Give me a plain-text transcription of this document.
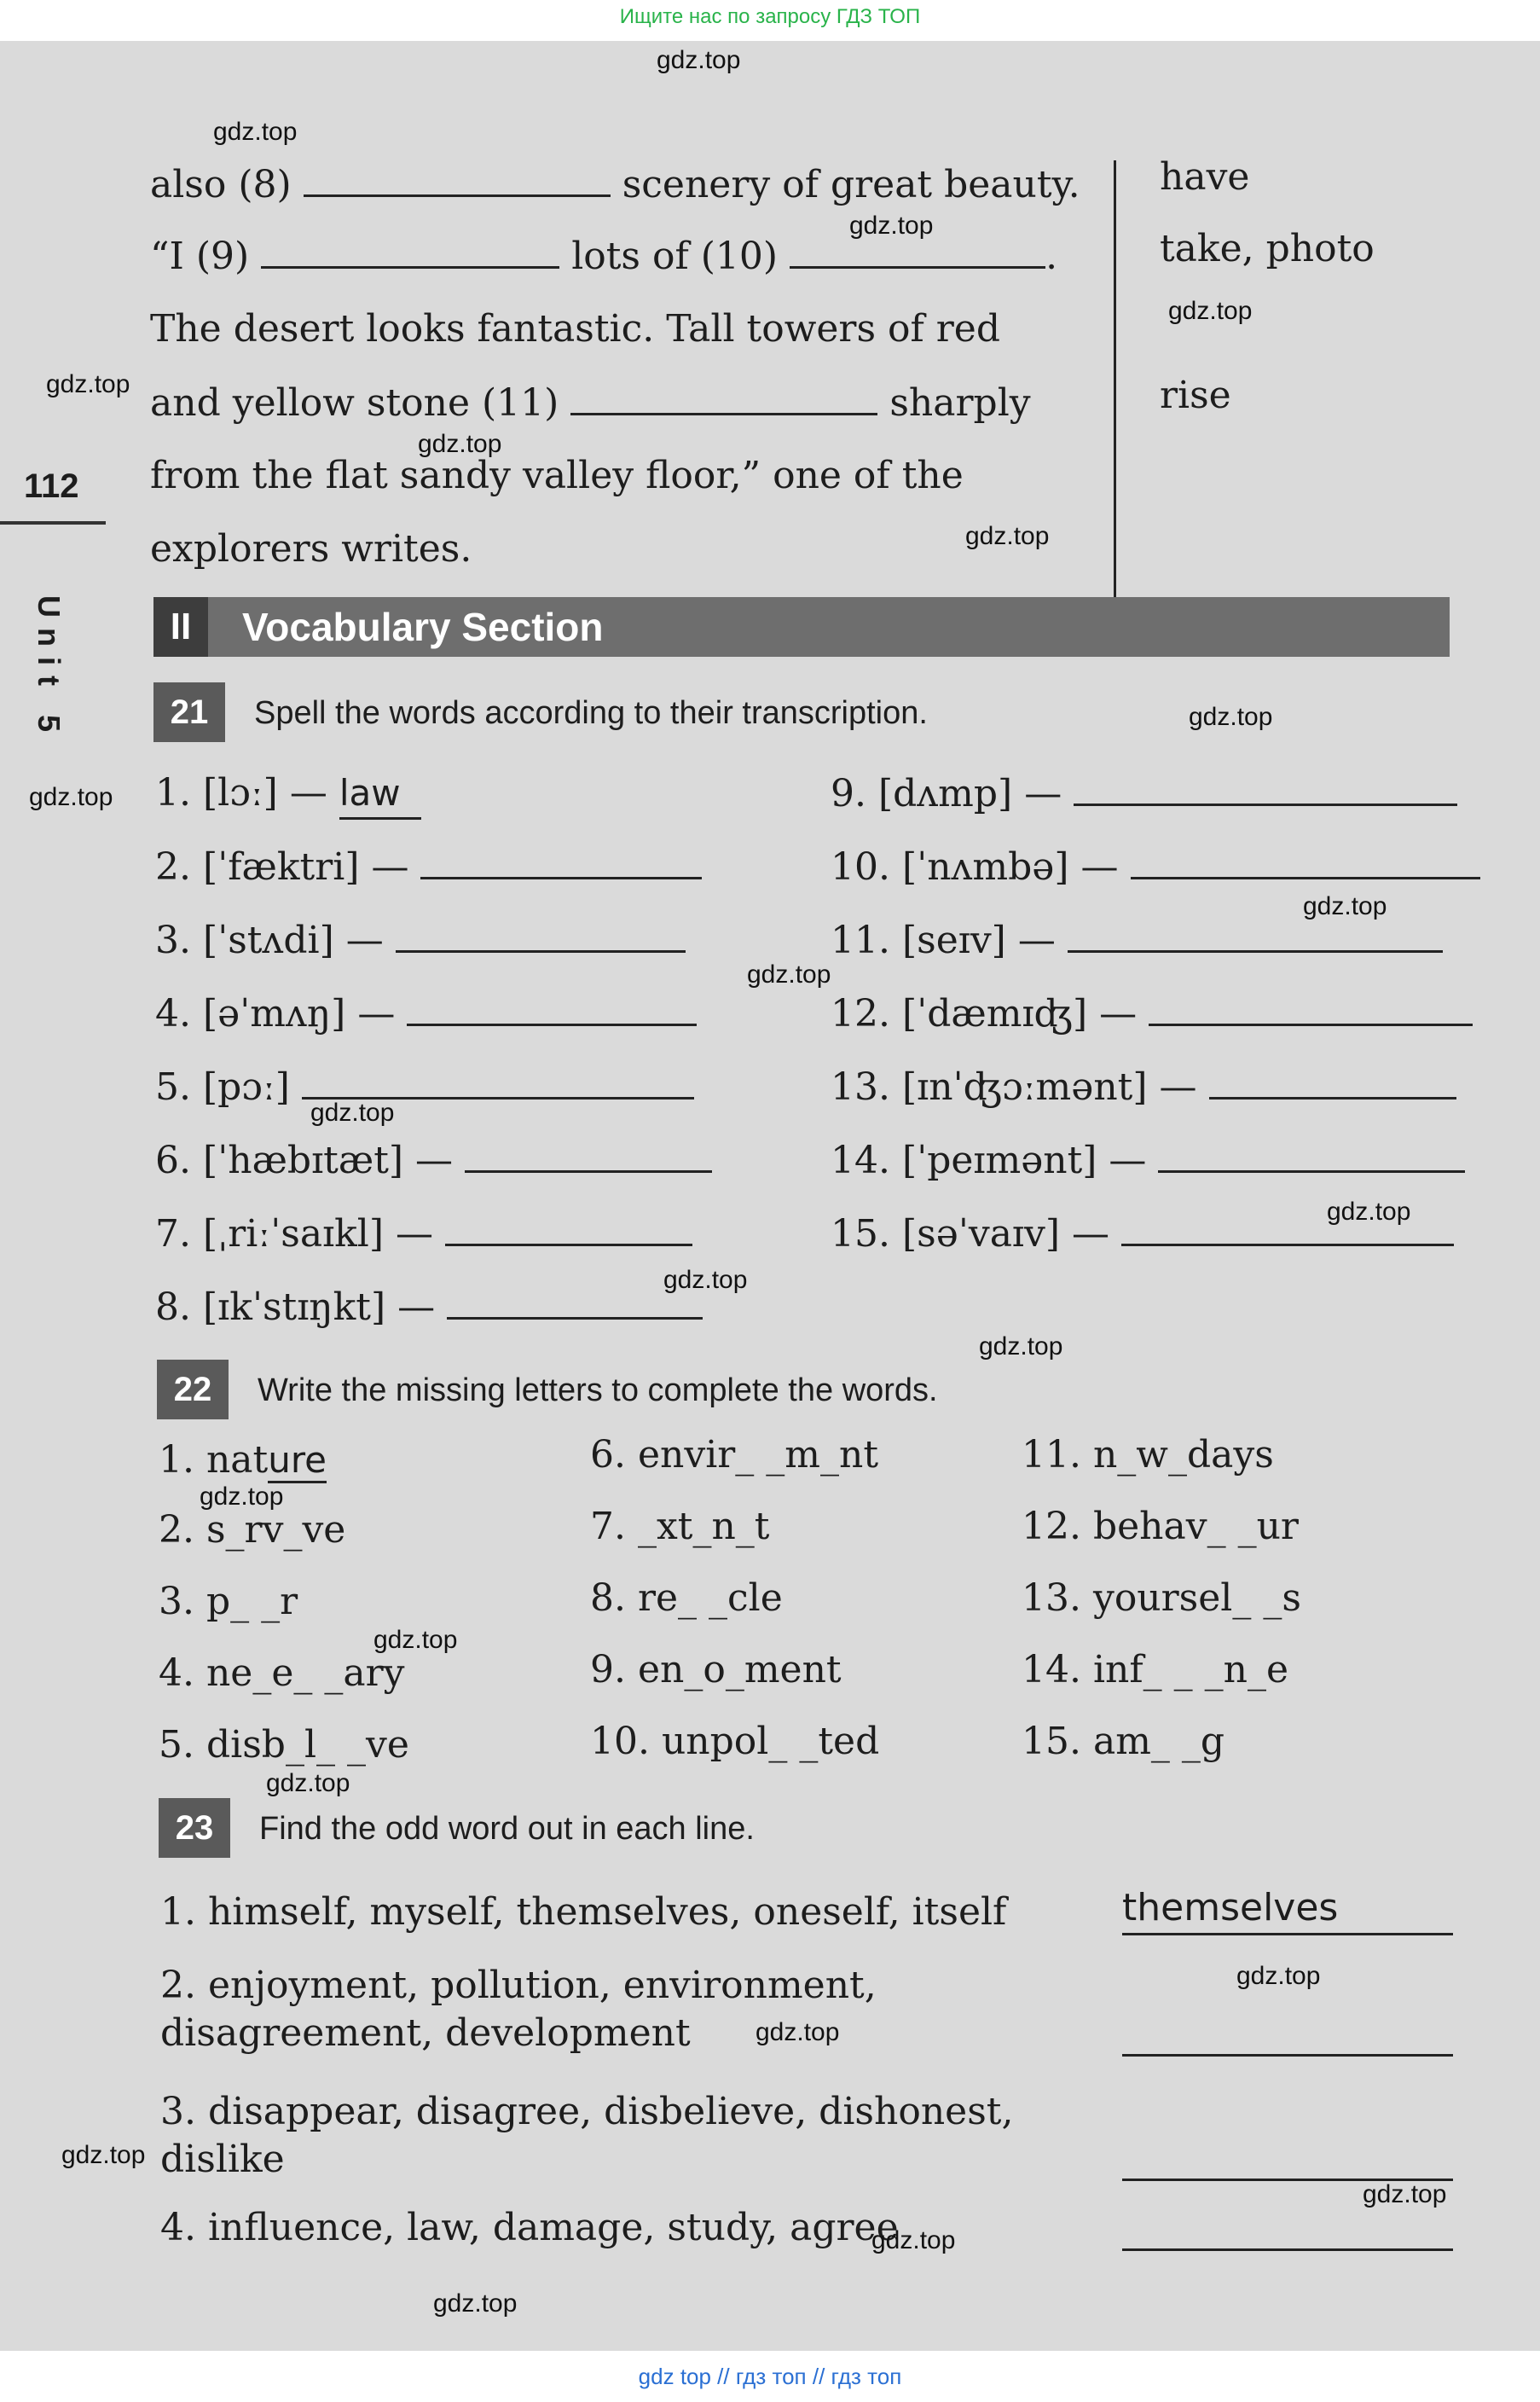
Ищите нас по запросу ГДЗ ТОП
112
Unit 5
also (8)	scenery of great beauty.
“I (9)	lots of (10)	.
The desert looks fantastic. Tall towers of red
and yellow stone (11)	sharply
from the flat sandy valley floor,” one of the
explorers writes.
have
take, photo
rise
II	Vocabulary Section
21	Spell the words according to their transcription.
1. [lɔː] — law
2. [ˈfæktri] —
3. [ˈstʌdi] —
4. [əˈmʌŋ] —
5. [pɔː]
6. [ˈhæbɪtæt] —
7. [ˌriːˈsaɪkl] —
8. [ɪkˈstɪŋkt] —
9. [dʌmp] —
10. [ˈnʌmbə] —
11. [seɪv] —
12. [ˈdæmɪʤ] —
13. [ɪnˈʤɔːmənt] —
14. [ˈpeɪmənt] —
15. [səˈvaɪv] —
22	Write the missing letters to complete the words.
1. nature
2. s_rv_ve
3. p_ _r
4. ne_e_ _ary
5. disb_l_ _ve
6. envir_ _m_nt
7. _xt_n_t
8. re_ _cle
9. en_o_ment
10. unpol_ _ted
11. n_w_days
12. behav_ _ur
13. yoursel_ _s
14. inf_ _ _n_e
15. am_ _g
23	Find the odd word out in each line.
1. himself, myself, themselves, oneself, itself	themselves
2. enjoyment, pollution, environment,
disagreement, development
3. disappear, disagree, disbelieve, dishonest,
dislike
4. influence, law, damage, study, agree
gdz.top
gdz.top
gdz.top
gdz.top
gdz.top
gdz.top
gdz.top
gdz.top
gdz.top
gdz.top
gdz.top
gdz.top
gdz.top
gdz.top
gdz.top
gdz.top
gdz.top
gdz.top
gdz.top
gdz.top
gdz.top
gdz.top
gdz.top
gdz.top
gdz top // гдз топ // гдз топ
